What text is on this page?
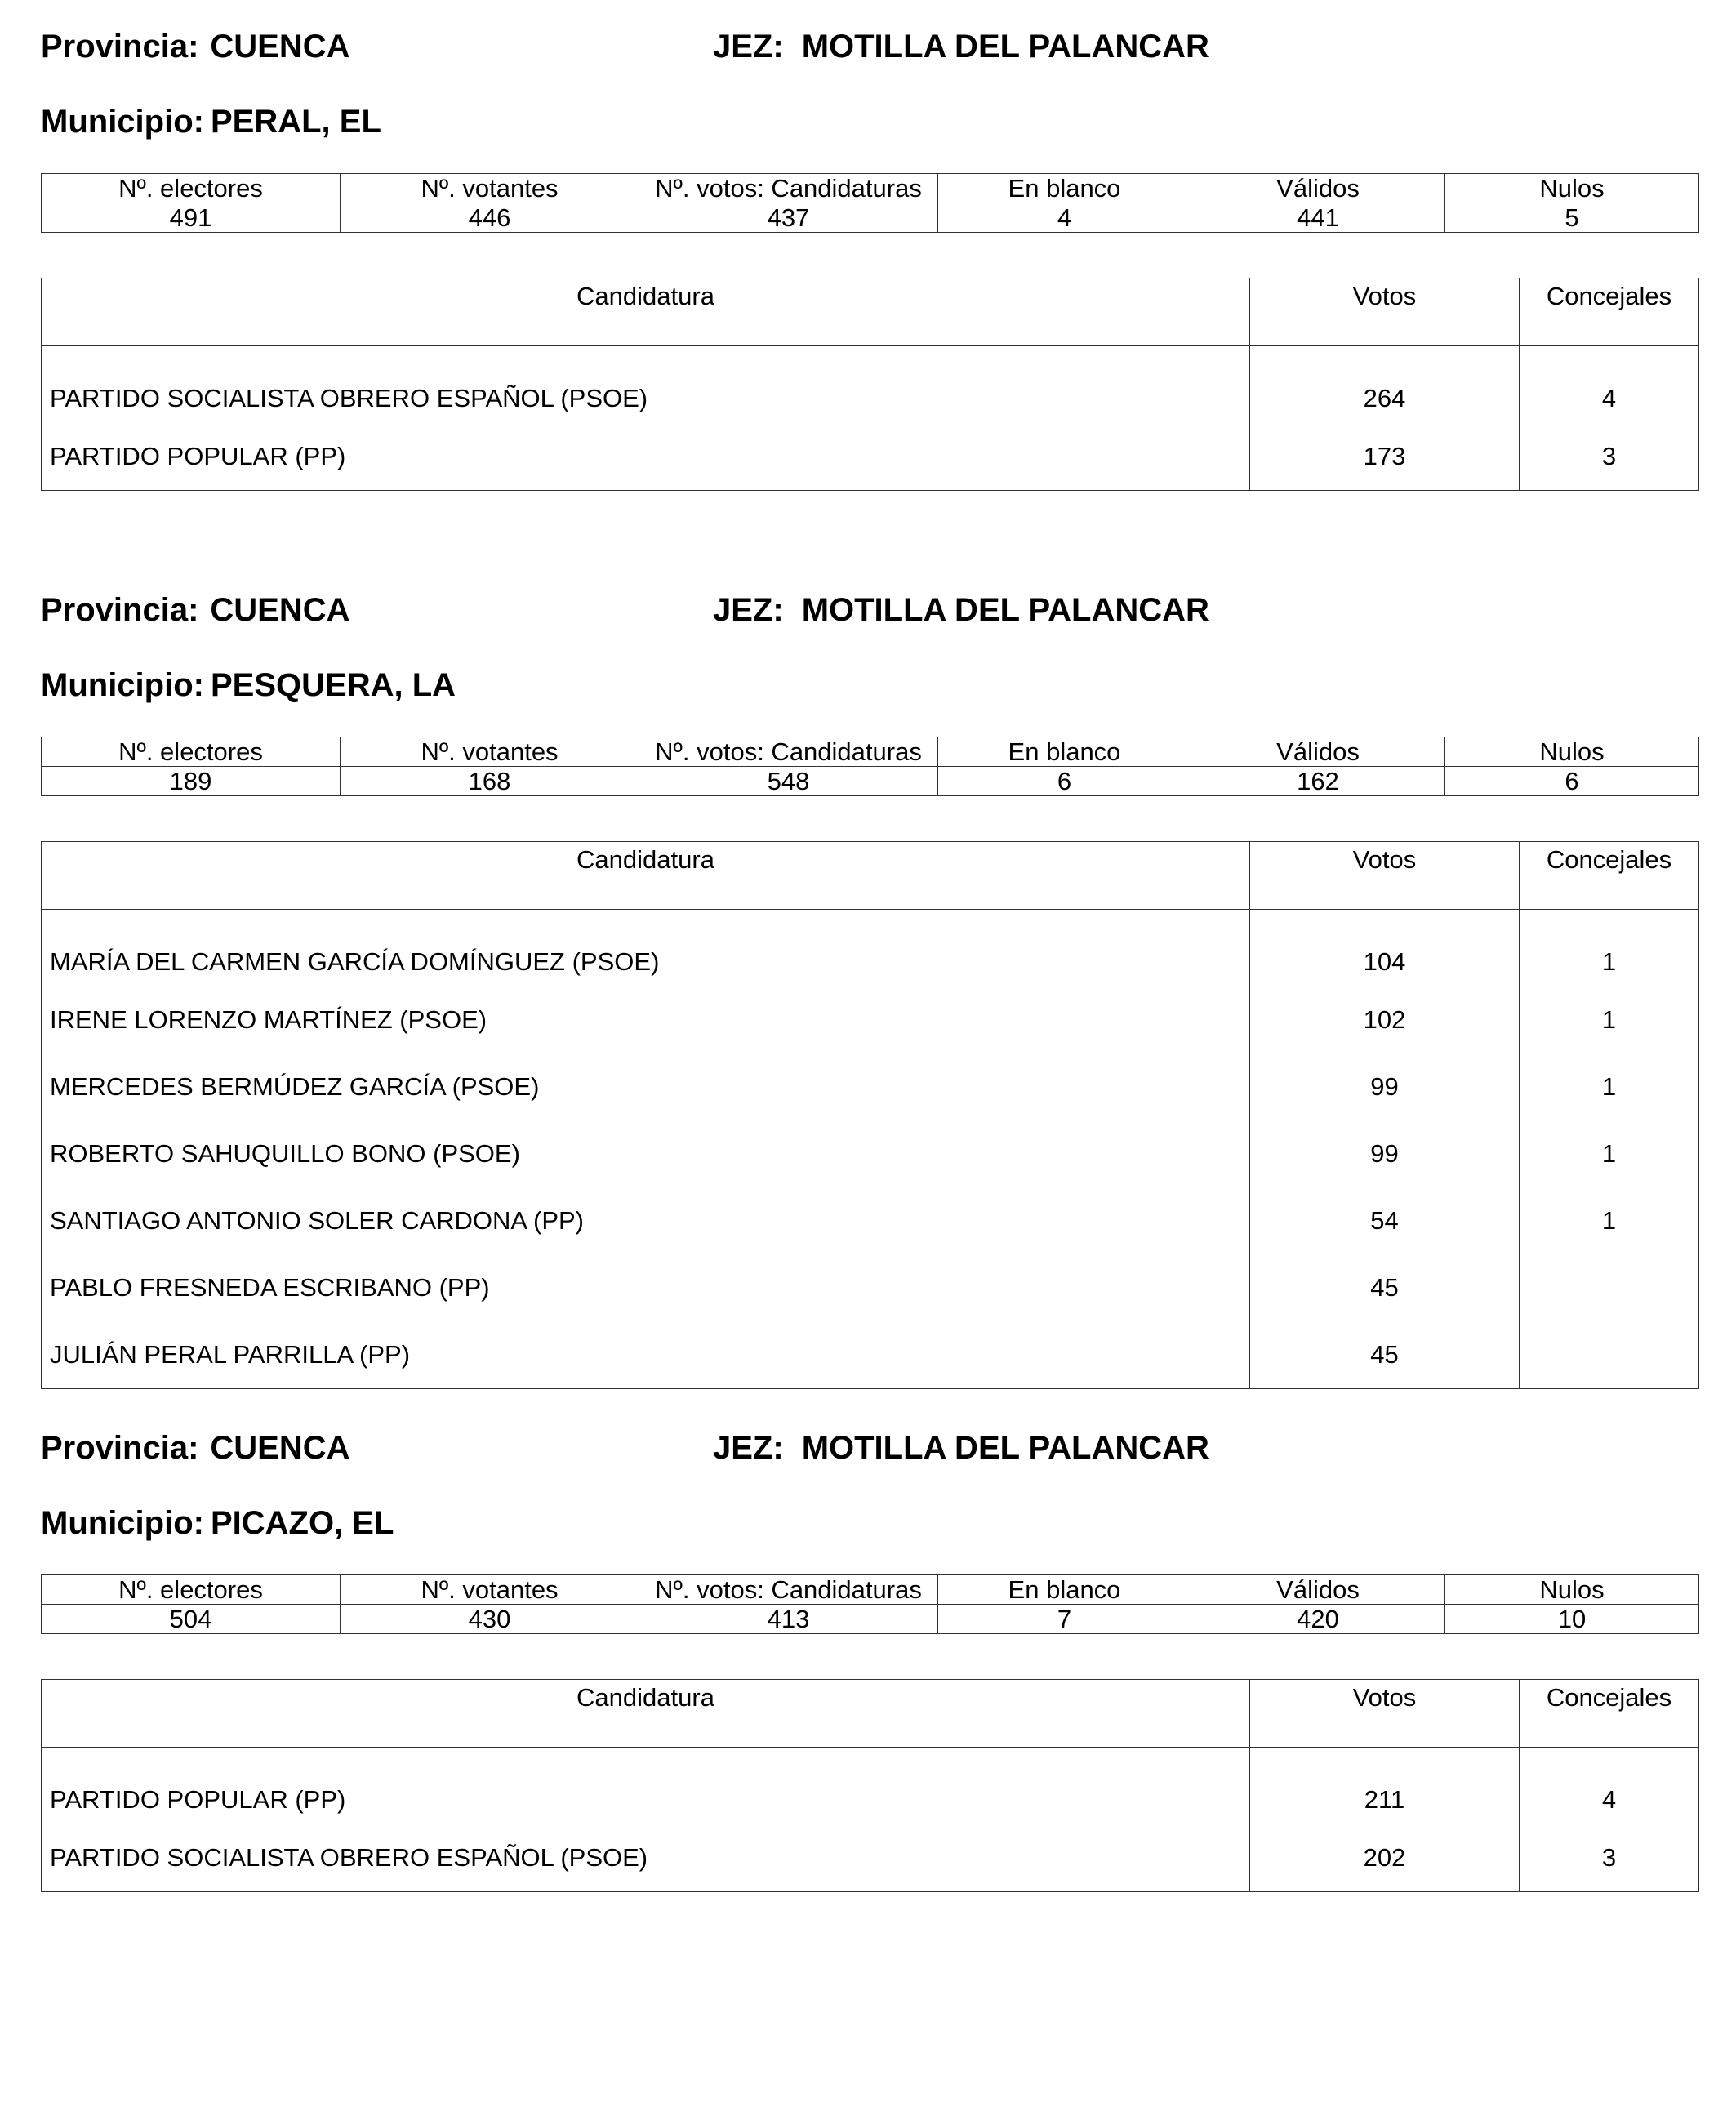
Provincia: CUENCA	JEZ: MOTILLA DEL PALANCAR
Municipio: PERAL, EL
Nº. electores	Nº. votantes	Nº. votos: Candidaturas	En blanco	Válidos	Nulos
491	446	437	4	441	5
Candidatura	Votos	Concejales
PARTIDO SOCIALISTA OBRERO ESPAÑOL (PSOE)	264	4
PARTIDO POPULAR (PP)	173	3
Provincia: CUENCA	JEZ: MOTILLA DEL PALANCAR
Municipio: PESQUERA, LA
Nº. electores	Nº. votantes	Nº. votos: Candidaturas	En blanco	Válidos	Nulos
189	168	548	6	162	6
Candidatura	Votos	Concejales
MARÍA DEL CARMEN GARCÍA DOMÍNGUEZ (PSOE)	104	1
IRENE LORENZO MARTÍNEZ (PSOE)	102	1
MERCEDES BERMÚDEZ GARCÍA (PSOE)	99	1
ROBERTO SAHUQUILLO BONO (PSOE)	99	1
SANTIAGO ANTONIO SOLER CARDONA (PP)	54	1
PABLO FRESNEDA ESCRIBANO (PP)	45	
JULIÁN PERAL PARRILLA (PP)	45	
Provincia: CUENCA	JEZ: MOTILLA DEL PALANCAR
Municipio: PICAZO, EL
Nº. electores	Nº. votantes	Nº. votos: Candidaturas	En blanco	Válidos	Nulos
504	430	413	7	420	10
Candidatura	Votos	Concejales
PARTIDO POPULAR (PP)	211	4
PARTIDO SOCIALISTA OBRERO ESPAÑOL (PSOE)	202	3
